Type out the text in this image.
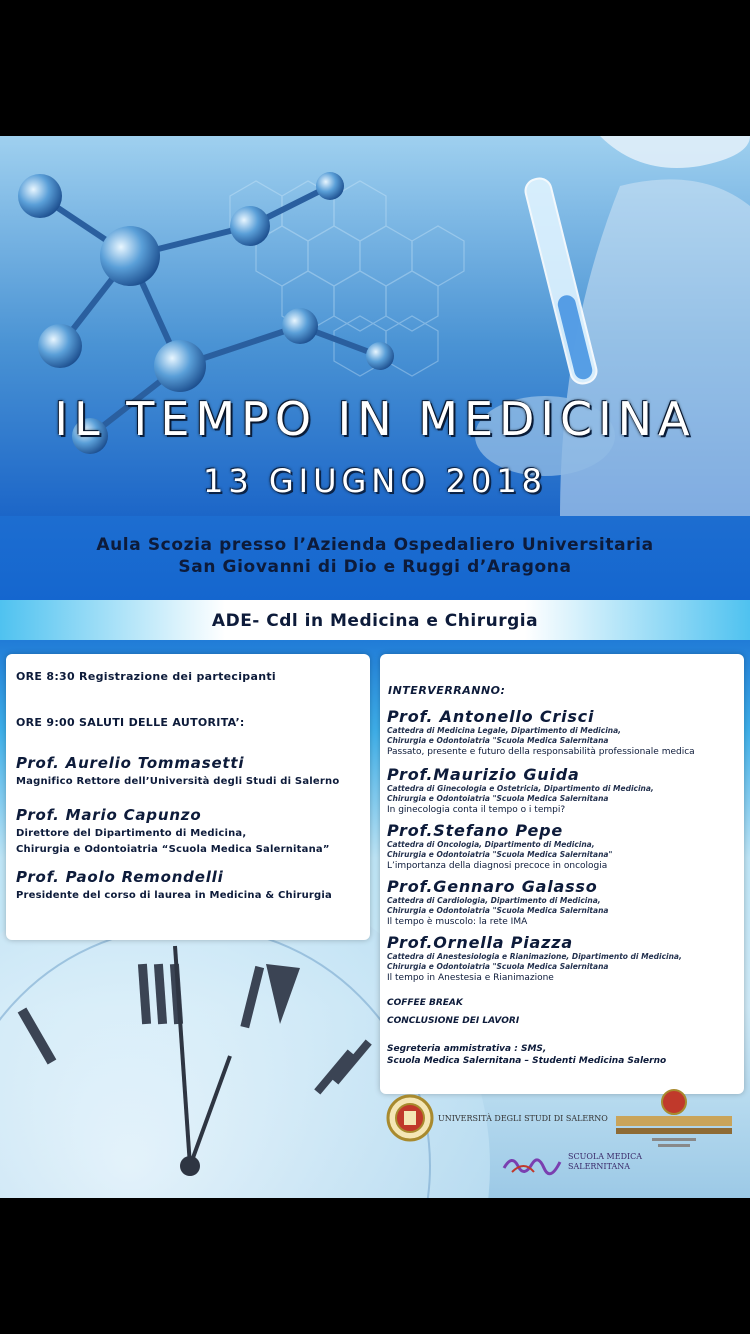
IL TEMPO IN MEDICINA
13 GIUGNO 2018
Aula Scozia presso l’Azienda Ospedaliero Universitaria
San Giovanni di Dio e Ruggi d’Aragona
ADE- Cdl in Medicina e Chirurgia
ORE 8:30 Registrazione dei partecipanti
ORE 9:00 SALUTI DELLE AUTORITA’:
Prof. Aurelio Tommasetti
Magnifico Rettore dell’Università degli Studi di Salerno
Prof. Mario Capunzo
Direttore del Dipartimento di Medicina,
Chirurgia e Odontoiatria “Scuola Medica Salernitana”
Prof. Paolo Remondelli
Presidente del corso di laurea in Medicina & Chirurgia
INTERVERRANNO:
Prof. Antonello Crisci
Cattedra di Medicina Legale, Dipartimento di Medicina,
Chirurgia e Odontoiatria "Scuola Medica Salernitana
Passato, presente e futuro della responsabilità professionale medica
Prof.Maurizio Guida
Cattedra di Ginecologia e Ostetricia, Dipartimento di Medicina,
Chirurgia e Odontoiatria "Scuola Medica Salernitana
In ginecologia conta il tempo o i tempi?
Prof.Stefano Pepe
Cattedra di Oncologia, Dipartimento di Medicina,
Chirurgia e Odontoiatria "Scuola Medica Salernitana"
L’importanza della diagnosi precoce in oncologia
Prof.Gennaro Galasso
Cattedra di Cardiologia, Dipartimento di Medicina,
Chirurgia e Odontoiatria "Scuola Medica Salernitana
Il tempo è muscolo: la rete IMA
Prof.Ornella Piazza
Cattedra di Anestesiologia e Rianimazione, Dipartimento di Medicina,
Chirurgia e Odontoiatria "Scuola Medica Salernitana
Il tempo in Anestesia e Rianimazione
COFFEE BREAK
CONCLUSIONE DEI LAVORI
Segreteria ammistrativa : SMS,
Scuola Medica Salernitana – Studenti Medicina Salerno
UNIVERSITÀ DEGLI STUDI DI SALERNO
SCUOLA MEDICA
SALERNITANA
